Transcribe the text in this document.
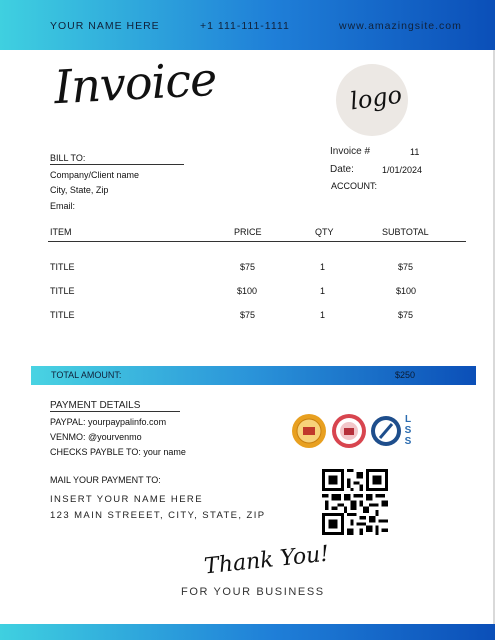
YOUR NAME HERE	+1 111-111-1111	www.amazingsite.com
Invoice	logo
BILL TO:
Company/Client name
City, State, Zip
Email:
Invoice #	11
Date:	1/01/2024
ACCOUNT:
ITEM	PRICE	QTY	SUBTOTAL
TITLE	$75	1	$75
TITLE	$100	1	$100
TITLE	$75	1	$75
TOTAL AMOUNT:	$250
PAYMENT DETAILS
PAYPAL: yourpaypalinfo.com
VENMO: @yourvenmo
CHECKS PAYBLE TO: your name
LSS
MAIL YOUR PAYMENT TO:
INSERT YOUR NAME HERE
123 MAIN STREEET, CITY, STATE, ZIP
Thank You!
FOR YOUR BUSINESS
